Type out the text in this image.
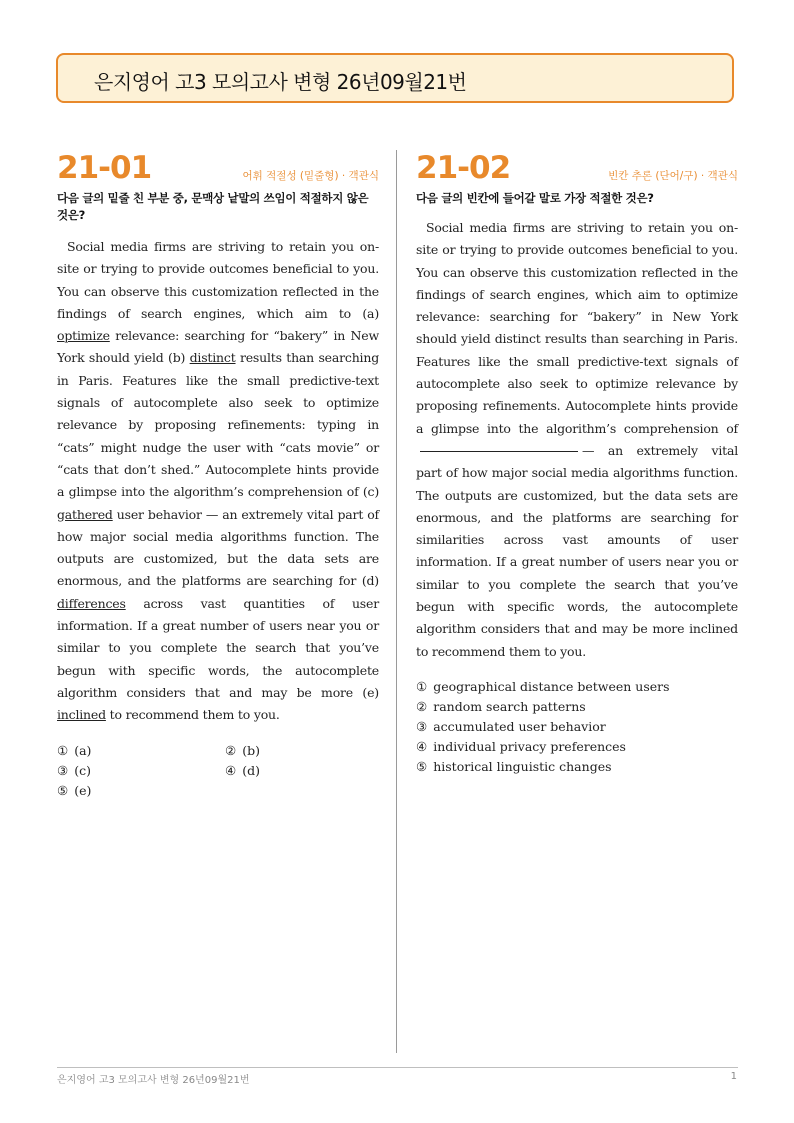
은지영어 고3 모의고사 변형 26년09월21번
21-01	어휘 적절성 (밑줄형) · 객관식
다음 글의 밑줄 친 부분 중, 문맥상 낱말의 쓰임이 적절하지 않은 것은?
Social media firms are striving to retain you on-site or trying to provide outcomes beneficial to you. You can observe this customization reflected in the findings of search engines, which aim to (a) optimize relevance: searching for “bakery” in New York should yield (b) distinct results than searching in Paris. Features like the small predictive-text signals of autocomplete also seek to optimize relevance by proposing refinements: typing in “cats” might nudge the user with “cats movie” or “cats that don’t shed.” Autocomplete hints provide a glimpse into the algorithm’s comprehension of (c) gathered user behavior — an extremely vital part of how major social media algorithms function. The outputs are customized, but the data sets are enormous, and the platforms are searching for (d) differences across vast quantities of user information. If a great number of users near you or similar to you complete the search that you’ve begun with specific words, the autocomplete algorithm considers that and may be more (e) inclined to recommend them to you.
① (a)	② (b)
③ (c)	④ (d)
⑤ (e)
21-02	빈칸 추론 (단어/구) · 객관식
다음 글의 빈칸에 들어갈 말로 가장 적절한 것은?
Social media firms are striving to retain you on-site or trying to provide outcomes beneficial to you. You can observe this customization reflected in the findings of search engines, which aim to optimize relevance: searching for “bakery” in New York should yield distinct results than searching in Paris. Features like the small predictive-text signals of autocomplete also seek to optimize relevance by proposing refinements. Autocomplete hints provide a glimpse into the algorithm’s comprehension of— an extremely vital part of how major social media algorithms function. The outputs are customized, but the data sets are enormous, and the platforms are searching for similarities across vast amounts of user information. If a great number of users near you or similar to you complete the search that you’ve begun with specific words, the autocomplete algorithm considers that and may be more inclined to recommend them to you.
① geographical distance between users
② random search patterns
③ accumulated user behavior
④ individual privacy preferences
⑤ historical linguistic changes
은지영어 고3 모의고사 변형 26년09월21번	1
